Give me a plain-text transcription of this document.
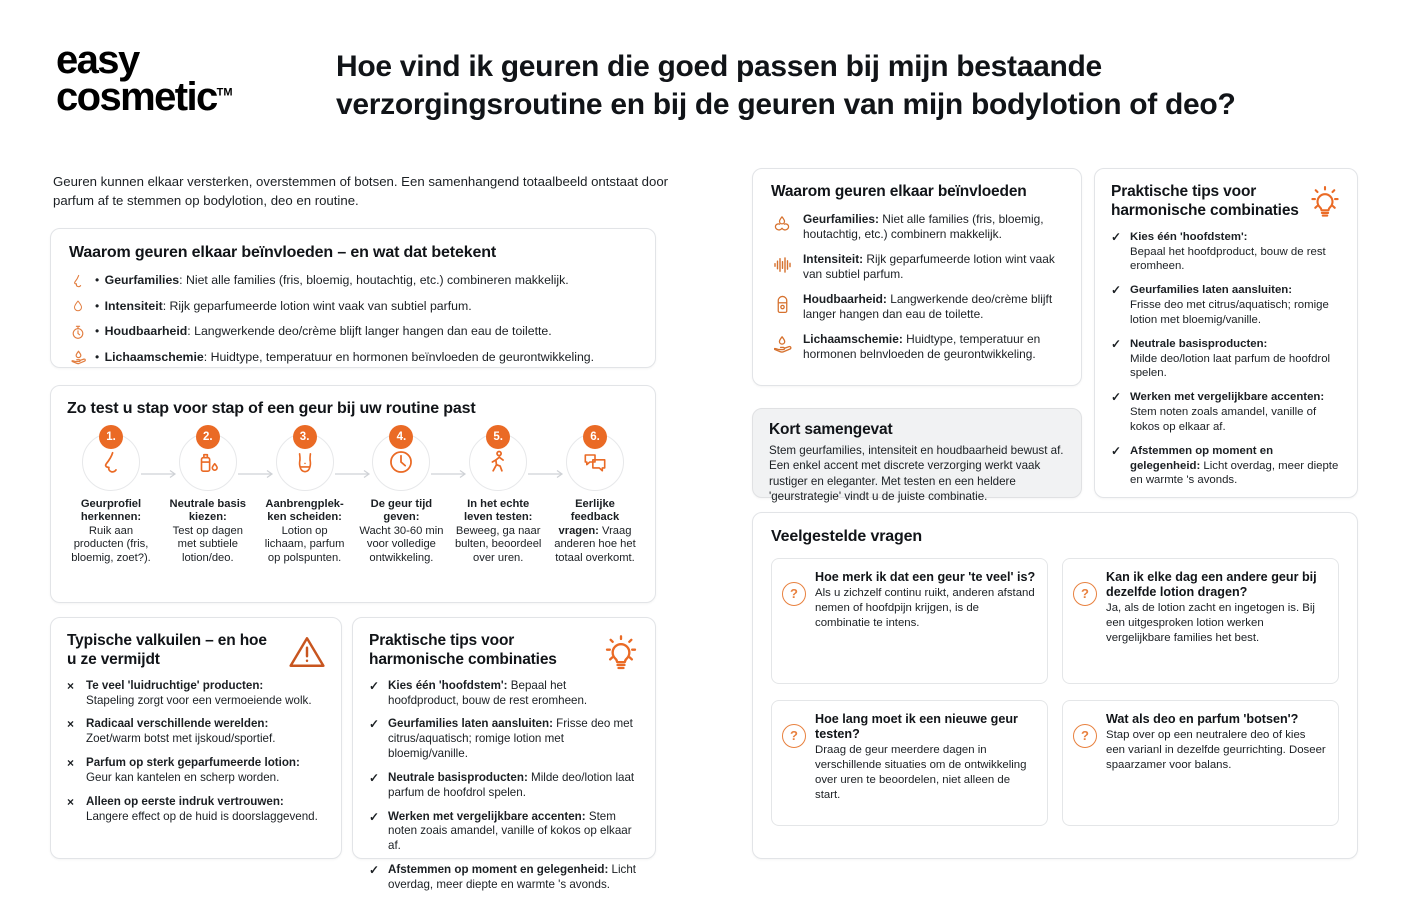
easy
cosmetic™
Hoe vind ik geuren die goed passen bij mijn bestaande verzorgingsroutine en bij de geuren van mijn bodylotion of deo?
Geuren kunnen elkaar versterken, overstemmen of botsen. Een samenhangend totaalbeeld ontstaat door parfum af te stemmen op bodylotion, deo en routine.
Waarom geuren elkaar beïnvloeden – en wat dat betekent
• Geurfamilies: Niet alle families (fris, bloemig, houtachtig, etc.) combineren makkelijk.
• Intensiteit: Rijk geparfumeerde lotion wint vaak van subtiel parfum.
• Houdbaarheid: Langwerkende deo/crème blijft langer hangen dan eau de toilette.
• Lichaamschemie: Huidtype, temperatuur en hormonen beïnvloeden de geurontwikkeling.
Zo test u stap voor stap of een geur bij uw routine past
1.
Geurprofiel herkennen:
Ruik aan producten (fris, bloemig, zoet?).
2.
Neutrale basis kiezen:
Test op dagen met subtiele lotion/deo.
3.
Aanbrengplek-ken scheiden:
Lotion op lichaam, parfum op polspunten.
4.
De geur tijd geven:
Wacht 30-60 min voor volledige ontwikkeling.
5.
In het echte leven testen:
Beweeg, ga naar bulten, beoordeel over uren.
6.
Eerlijke feedback vragen: Vraag anderen hoe het totaal overkomt.
Typische valkuilen – en hoe u ze vermijdt
×	Te veel 'luidruchtige' producten:
Stapeling zorgt voor een vermoeiende wolk.
×	Radicaal verschillende werelden:
Zoet/warm botst met ijskoud/sportief.
×	Parfum op sterk geparfumeerde lotion:
Geur kan kantelen en scherp worden.
×	Alleen op eerste indruk vertrouwen:
Langere effect op de huid is doorslaggevend.
Praktische tips voor harmonische combinaties
✓ Kies één 'hoofdstem': Bepaal het hoofdproduct, bouw de rest eromheen.
✓ Geurfamilies laten aansluiten: Frisse deo met citrus/aquatisch; romige lotion met bloemig/vanille.
✓ Neutrale basisproducten: Milde deo/lotion laat parfum de hoofdrol spelen.
✓ Werken met vergelijkbare accenten: Stem noten zoais amandel, vanille of kokos op elkaar af.
✓ Afstemmen op moment en gelegenheid: Licht overdag, meer diepte en warmte 's avonds.
Waarom geuren elkaar beïnvloeden
Geurfamilies: Niet alle families (fris, bloemig, houtachtig, etc.) combinern makkelijk.
Intensiteit: Rijk geparfumeerde lotion wint vaak van subtiel parfum.
Houdbaarheid: Langwerkende deo/crème blijft langer hangen dan eau de toilette.
Lichaamschemie: Huidtype, temperatuur en hormonen belnvloeden de geurontwikkeling.
Kort samengevat
Stem geurfamilies, intensiteit en houdbaarheid bewust af. Een enkel accent met discrete verzorging werkt vaak rustiger en eleganter. Met testen en een heldere 'geurstrategie' vindt u de juiste combinatie.
Praktische tips voor harmonische combinaties
✓ Kies één 'hoofdstem':
Bepaal het hoofdproduct, bouw de rest eromheen.
✓ Geurfamilies laten aansluiten:
Frisse deo met citrus/aquatisch; romige lotion met bloemig/vanille.
✓ Neutrale basisproducten:
Milde deo/lotion laat parfum de hoofdrol spelen.
✓ Werken met vergelijkbare accenten: Stem noten zoals amandel, vanille of kokos op elkaar af.
✓ Afstemmen op moment en gelegenheid: Licht overdag, meer diepte en warmte 's avonds.
Veelgestelde vragen
?
Hoe merk ik dat een geur 'te veel' is?
Als u zichzelf continu ruikt, anderen afstand nemen of hoofdpijn krijgen, is de combinatie te intens.
?
Kan ik elke dag een andere geur bij dezelfde lotion dragen?
Ja, als de lotion zacht en ingetogen is. Bij een uitgesproken lotion werken vergelijkbare families het best.
?
Hoe lang moet ik een nieuwe geur testen?
Draag de geur meerdere dagen in verschillende situaties om de ontwikkeling over uren te beoordelen, niet alleen de start.
?
Wat als deo en parfum 'botsen'?
Stap over op een neutralere deo of kies een varianl in dezelfde geurrichting. Doseer spaarzamer voor balans.
